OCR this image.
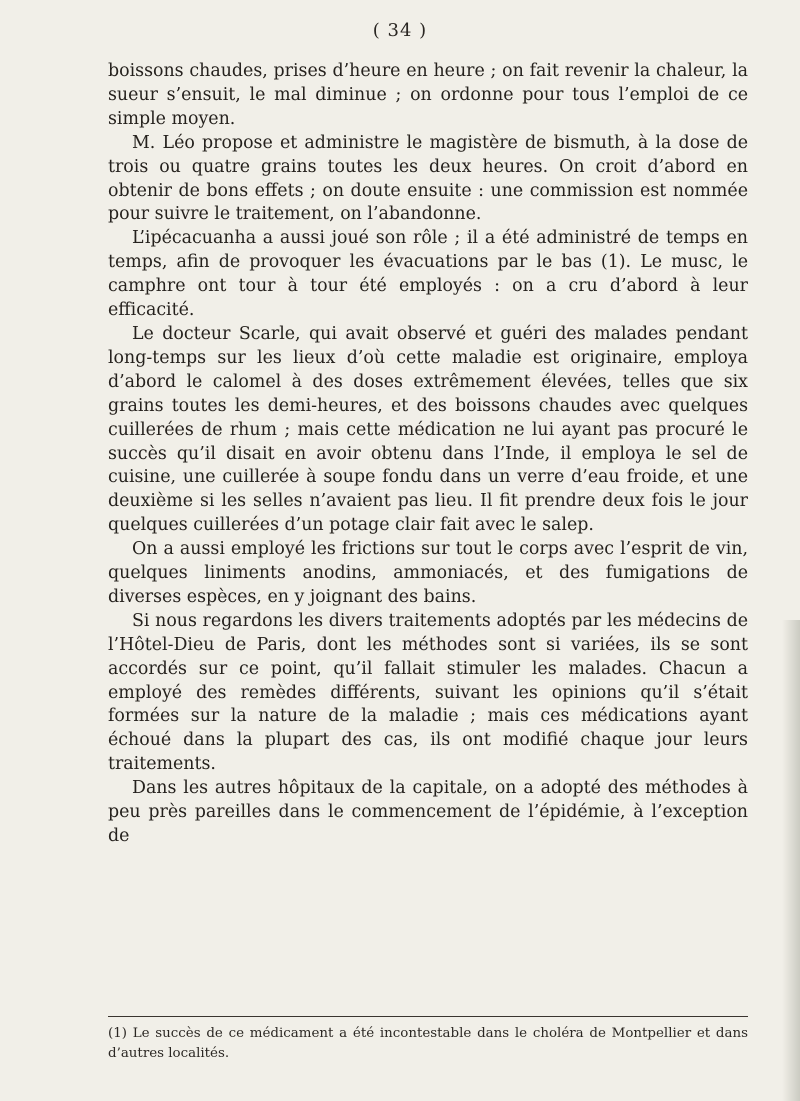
( 34 )

boissons chaudes, prises d’heure en heure ; on fait revenir la chaleur, la sueur s’ensuit, le mal diminue ; on ordonne pour tous l’emploi de ce simple moyen.

M. Léo propose et administre le magistère de bismuth, à la dose de trois ou quatre grains toutes les deux heures. On croit d’abord en obtenir de bons effets ; on doute ensuite : une commission est nommée pour suivre le traitement, on l’abandonne.

L’ipécacuanha a aussi joué son rôle ; il a été administré de temps en temps, afin de provoquer les évacuations par le bas (1). Le musc, le camphre ont tour à tour été employés : on a cru d’abord à leur efficacité.

Le docteur Scarle, qui avait observé et guéri des malades pendant long-temps sur les lieux d’où cette maladie est originaire, employa d’abord le calomel à des doses extrêmement élevées, telles que six grains toutes les demi-heures, et des boissons chaudes avec quelques cuillerées de rhum ; mais cette médication ne lui ayant pas procuré le succès qu’il disait en avoir obtenu dans l’Inde, il employa le sel de cuisine, une cuillerée à soupe fondu dans un verre d’eau froide, et une deuxième si les selles n’avaient pas lieu. Il fit prendre deux fois le jour quelques cuillerées d’un potage clair fait avec le salep.

On a aussi employé les frictions sur tout le corps avec l’esprit de vin, quelques liniments anodins, ammoniacés, et des fumigations de diverses espèces, en y joignant des bains.

Si nous regardons les divers traitements adoptés par les médecins de l’Hôtel-Dieu de Paris, dont les méthodes sont si variées, ils se sont accordés sur ce point, qu’il fallait stimuler les malades. Chacun a employé des remèdes différents, suivant les opinions qu’il s’était formées sur la nature de la maladie ; mais ces médications ayant échoué dans la plupart des cas, ils ont modifié chaque jour leurs traitements.

Dans les autres hôpitaux de la capitale, on a adopté des méthodes à peu près pareilles dans le commencement de l’épidémie, à l’exception de

(1) Le succès de ce médicament a été incontestable dans le choléra de Montpellier et dans d’autres localités.
